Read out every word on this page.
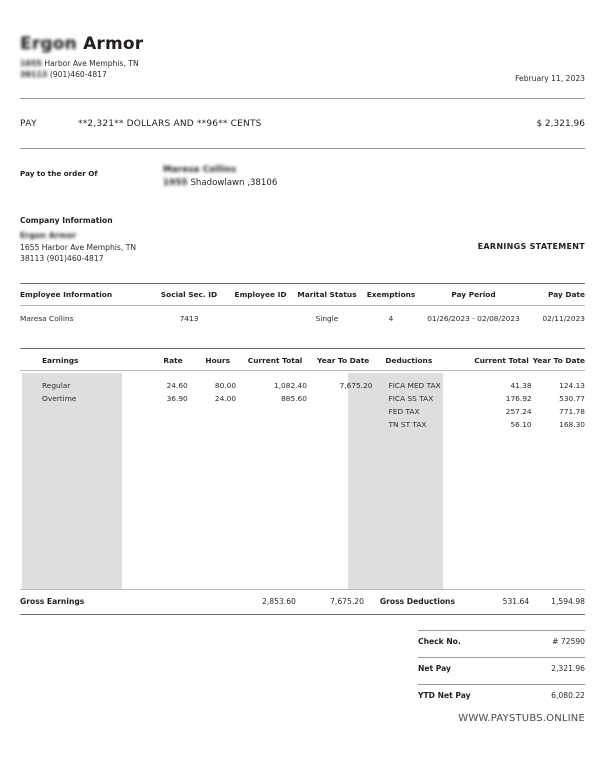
Ergon Armor
1655 Harbor Ave Memphis, TN
38113 (901)460-4817	February 11, 2023
PAY	**2,321** DOLLARS AND **96** CENTS	$ 2,321.96
Pay to the order Of	Maresa Collins
1955 Shadowlawn ,38106
Company Information
Ergon Armor
1655 Harbor Ave Memphis, TN
38113 (901)460-4817
EARNINGS STATEMENT
Employee Information	Social Sec. ID	Employee ID	Marital Status	Exemptions	Pay Period	Pay Date
Maresa Collins	7413		Single	4	01/26/2023 - 02/08/2023	02/11/2023
Earnings	Rate	Hours	Current Total	Year To Date	Deductions	Current Total	Year To Date
Regular	24.60	80.00	1,082.40	7,675.20	FICA MED TAX	41.38	124.13
Overtime	36.90	24.00	885.60		FICA SS TAX	176.92	530.77
					FED TAX	257.24	771.78
					TN ST TAX	56.10	168.30
Gross Earnings			2,853.60	7,675.20	Gross Deductions	531.64	1,594.98
Check No.	# 72590
Net Pay	2,321.96
YTD Net Pay	6,080.22
WWW.PAYSTUBS.ONLINE
